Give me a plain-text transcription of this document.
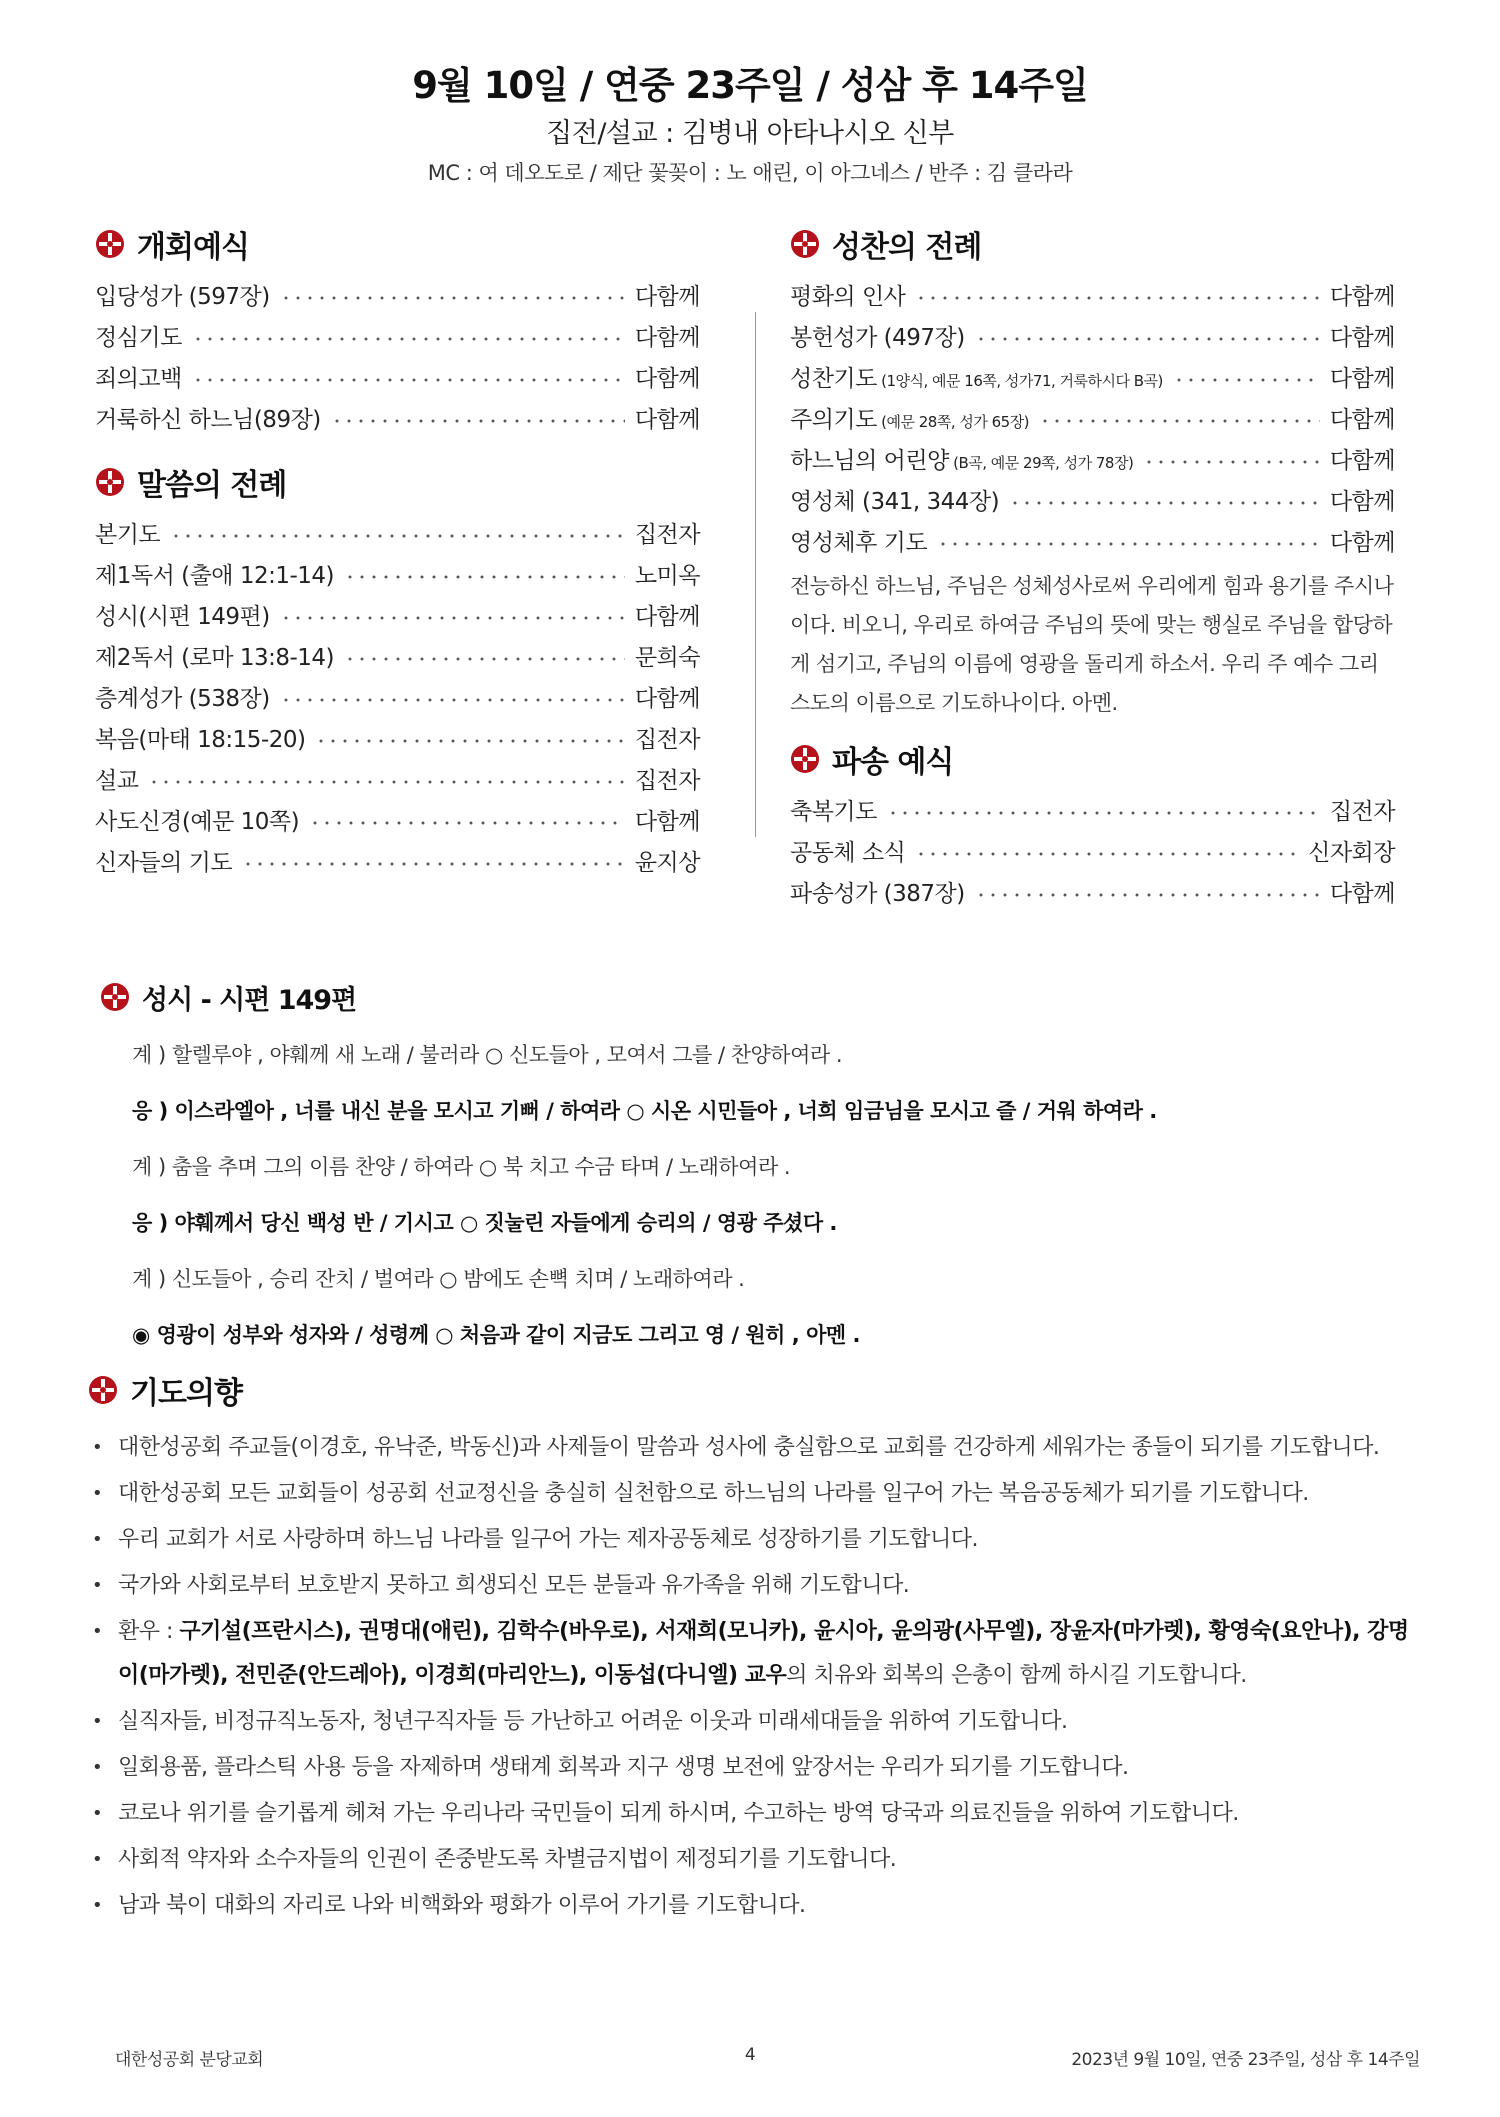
9월 10일 / 연중 23주일 / 성삼 후 14주일
집전/설교 : 김병내 아타나시오 신부
MC : 여 데오도로 / 제단 꽃꽂이 : 노 애린, 이 아그네스 / 반주 : 김 클라라
개회예식
입당성가 (597장)	다함께
정심기도	다함께
죄의고백	다함께
거룩하신 하느님(89장)	다함께
말씀의 전례
본기도	집전자
제1독서 (출애 12:1-14)	노미옥
성시(시편 149편)	다함께
제2독서 (로마 13:8-14)	문희숙
층계성가 (538장)	다함께
복음(마태 18:15-20)	집전자
설교	집전자
사도신경(예문 10쪽)	다함께
신자들의 기도	윤지상
성찬의 전례
평화의 인사	다함께
봉헌성가 (497장)	다함께
성찬기도 (1양식, 예문 16쪽, 성가71, 거룩하시다 B곡)	다함께
주의기도 (예문 28쪽, 성가 65장)	다함께
하느님의 어린양 (B곡, 예문 29쪽, 성가 78장)	다함께
영성체 (341, 344장)	다함께
영성체후 기도	다함께

전능하신 하느님, 주님은 성체성사로써 우리에게 힘과 용기를 주시나이다. 비오니, 우리로 하여금 주님의 뜻에 맞는 행실로 주님을 합당하게 섬기고, 주님의 이름에 영광을 돌리게 하소서. 우리 주 예수 그리스도의 이름으로 기도하나이다. 아멘.

파송 예식
축복기도	집전자
공동체 소식	신자회장
파송성가 (387장)	다함께
성시 - 시편 149편
계 ) 할렐루야 , 야훼께 새 노래 / 불러라 ○ 신도들아 , 모여서 그를 / 찬양하여라 .
응 ) 이스라엘아 , 너를 내신 분을 모시고 기뻐 / 하여라 ○ 시온 시민들아 , 너희 임금님을 모시고 즐 / 거워 하여라 .
계 ) 춤을 추며 그의 이름 찬양 / 하여라 ○ 북 치고 수금 타며 / 노래하여라 .
응 ) 야훼께서 당신 백성 반 / 기시고 ○ 짓눌린 자들에게 승리의 / 영광 주셨다 .
계 ) 신도들아 , 승리 잔치 / 벌여라 ○ 밤에도 손뼉 치며 / 노래하여라 .
◉ 영광이 성부와 성자와 / 성령께 ○ 처음과 같이 지금도 그리고 영 / 원히 , 아멘 .
기도의향
• 대한성공회 주교들(이경호, 유낙준, 박동신)과 사제들이 말씀과 성사에 충실함으로 교회를 건강하게 세워가는 종들이 되기를 기도합니다.
• 대한성공회 모든 교회들이 성공회 선교정신을 충실히 실천함으로 하느님의 나라를 일구어 가는 복음공동체가 되기를 기도합니다.
• 우리 교회가 서로 사랑하며 하느님 나라를 일구어 가는 제자공동체로 성장하기를 기도합니다.
• 국가와 사회로부터 보호받지 못하고 희생되신 모든 분들과 유가족을 위해 기도합니다.
• 환우 : 구기설(프란시스), 권명대(애린), 김학수(바우로), 서재희(모니카), 윤시아, 윤의광(사무엘), 장윤자(마가렛), 황영숙(요안나), 강명이(마가렛), 전민준(안드레아), 이경희(마리안느), 이동섭(다니엘) 교우의 치유와 회복의 은총이 함께 하시길 기도합니다.
• 실직자들, 비정규직노동자, 청년구직자들 등 가난하고 어려운 이웃과 미래세대들을 위하여 기도합니다.
• 일회용품, 플라스틱 사용 등을 자제하며 생태계 회복과 지구 생명 보전에 앞장서는 우리가 되기를 기도합니다.
• 코로나 위기를 슬기롭게 헤쳐 가는 우리나라 국민들이 되게 하시며, 수고하는 방역 당국과 의료진들을 위하여 기도합니다.
• 사회적 약자와 소수자들의 인권이 존중받도록 차별금지법이 제정되기를 기도합니다.
• 남과 북이 대화의 자리로 나와 비핵화와 평화가 이루어 가기를 기도합니다.
대한성공회 분당교회	4	2023년 9월 10일, 연중 23주일, 성삼 후 14주일
